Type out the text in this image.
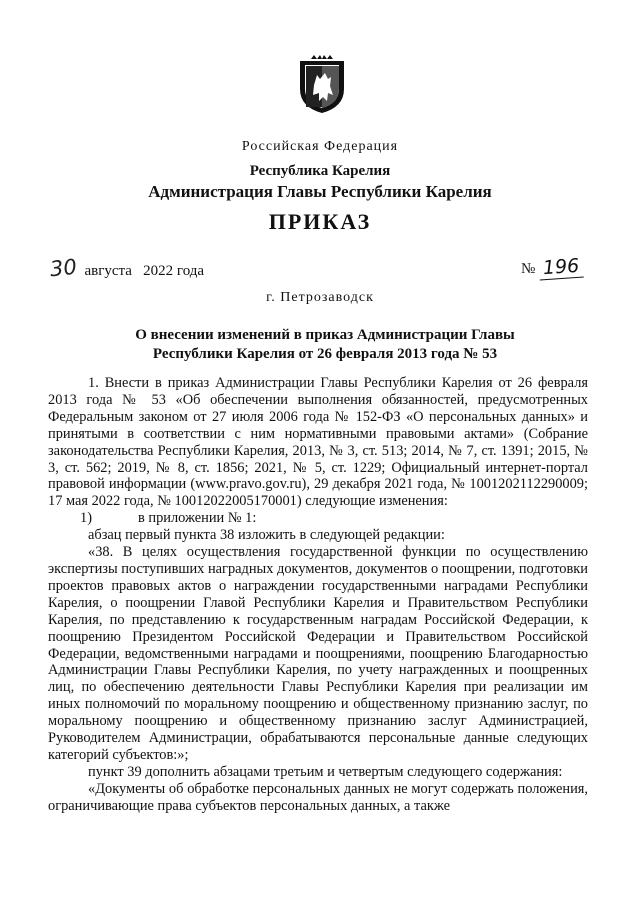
Российская Федерация
Республика Карелия
Администрация Главы Республики Карелия
ПРИКАЗ
30 августа   2022 года	№ 196
г. Петрозаводск
О внесении изменений в приказ Администрации Главы Республики Карелия от 26 февраля 2013 года № 53

1. Внести в приказ Администрации Главы Республики Карелия от 26 февраля 2013 года № 53 «Об обеспечении выполнения обязанностей, предусмотренных Федеральным законом от 27 июля 2006 года № 152-ФЗ «О персональных данных» и принятыми в соответствии с ним нормативными правовыми актами» (Собрание законодательства Республики Карелия, 2013, № 3, ст. 513; 2014, № 7, ст. 1391; 2015, № 3, ст. 562; 2019, № 8, ст. 1856; 2021, № 5, ст. 1229; Официальный интернет-портал правовой информации (www.pravo.gov.ru), 29 декабря 2021 года, № 1001202112290009; 17 мая 2022 года, № 10012022005170001) следующие изменения:

1)	в приложении № 1:

абзац первый пункта 38 изложить в следующей редакции:

«38. В целях осуществления государственной функции по осуществлению экспертизы поступивших наградных документов, документов о поощрении, подготовки проектов правовых актов о награждении государственными наградами Республики Карелия, о поощрении Главой Республики Карелия и Правительством Республики Карелия, по представлению к государственным наградам Российской Федерации, к поощрению Президентом Российской Федерации и Правительством Российской Федерации, ведомственными наградами и поощрениями, поощрению Благодарностью Администрации Главы Республики Карелия, по учету награжденных и поощренных лиц, по обеспечению деятельности Главы Республики Карелия при реализации им иных полномочий по моральному поощрению и общественному признанию заслуг, по моральному поощрению и общественному признанию заслуг Администрацией, Руководителем Администрации, обрабатываются персональные данные следующих категорий субъектов:»;

пункт 39 дополнить абзацами третьим и четвертым следующего содержания:

«Документы об обработке персональных данных не могут содержать положения, ограничивающие права субъектов персональных данных, а также
